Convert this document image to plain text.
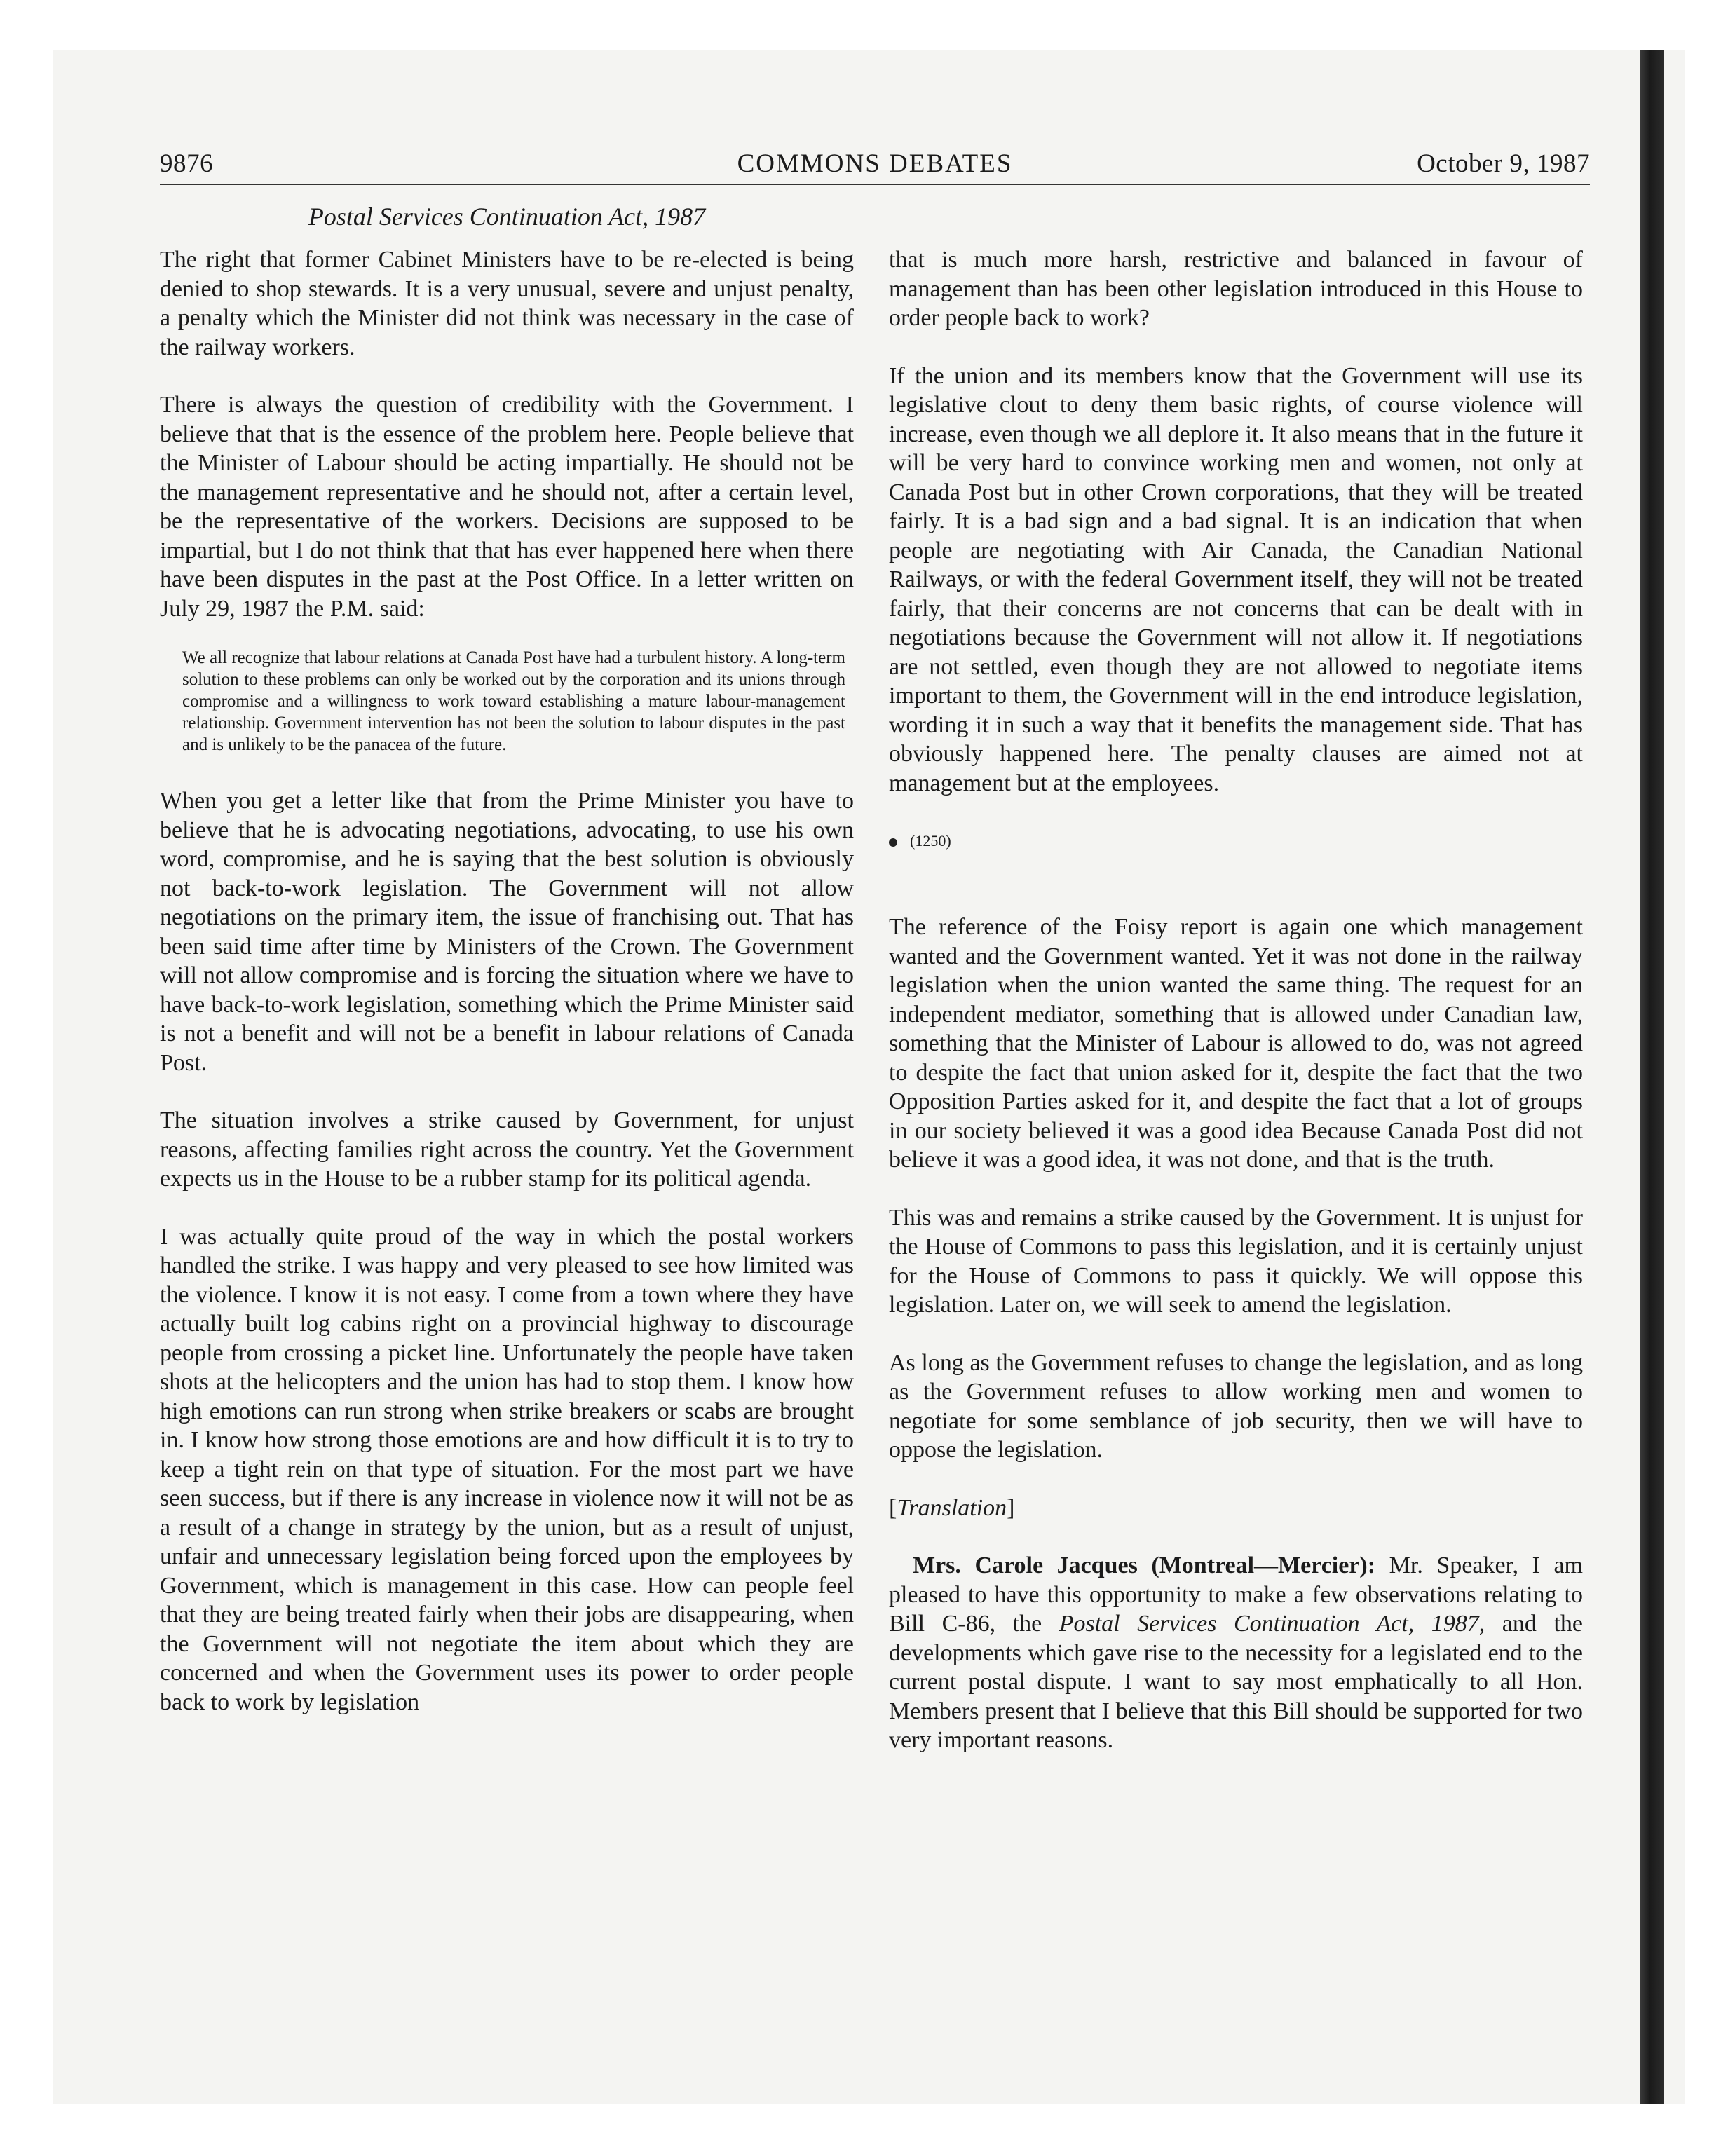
COMMONS DEBATES
9876	October 9, 1987
Postal Services Continuation Act, 1987

The right that former Cabinet Ministers have to be re-elected is being denied to shop stewards. It is a very unusual, severe and unjust penalty, a penalty which the Minister did not think was necessary in the case of the railway workers.

There is always the question of credibility with the Government. I believe that that is the essence of the problem here. People believe that the Minister of Labour should be acting impartially. He should not be the management representative and he should not, after a certain level, be the representative of the workers. Decisions are supposed to be impartial, but I do not think that that has ever happened here when there have been disputes in the past at the Post Office. In a letter written on July 29, 1987 the P.M. said:

We all recognize that labour relations at Canada Post have had a turbulent history. A long-term solution to these problems can only be worked out by the corporation and its unions through compromise and a willingness to work toward establishing a mature labour-management relationship. Government intervention has not been the solution to labour disputes in the past and is unlikely to be the panacea of the future.

When you get a letter like that from the Prime Minister you have to believe that he is advocating negotiations, advocating, to use his own word, compromise, and he is saying that the best solution is obviously not back-to-work legislation. The Government will not allow negotiations on the primary item, the issue of franchising out. That has been said time after time by Ministers of the Crown. The Government will not allow compromise and is forcing the situation where we have to have back-to-work legislation, something which the Prime Minister said is not a benefit and will not be a benefit in labour relations of Canada Post.

The situation involves a strike caused by Government, for unjust reasons, affecting families right across the country. Yet the Government expects us in the House to be a rubber stamp for its political agenda.

I was actually quite proud of the way in which the postal workers handled the strike. I was happy and very pleased to see how limited was the violence. I know it is not easy. I come from a town where they have actually built log cabins right on a provincial highway to discourage people from crossing a picket line. Unfortunately the people have taken shots at the helicopters and the union has had to stop them. I know how high emotions can run strong when strike breakers or scabs are brought in. I know how strong those emotions are and how difficult it is to try to keep a tight rein on that type of situation. For the most part we have seen success, but if there is any increase in violence now it will not be as a result of a change in strategy by the union, but as a result of unjust, unfair and unnecessary legislation being forced upon the employees by Government, which is management in this case. How can people feel that they are being treated fairly when their jobs are disappearing, when the Government will not negotiate the item about which they are concerned and when the Government uses its power to order people back to work by legislation

that is much more harsh, restrictive and balanced in favour of management than has been other legislation introduced in this House to order people back to work?

If the union and its members know that the Government will use its legislative clout to deny them basic rights, of course violence will increase, even though we all deplore it. It also means that in the future it will be very hard to convince working men and women, not only at Canada Post but in other Crown corporations, that they will be treated fairly. It is a bad sign and a bad signal. It is an indication that when people are negotiating with Air Canada, the Canadian National Railways, or with the federal Government itself, they will not be treated fairly, that their concerns are not concerns that can be dealt with in negotiations because the Government will not allow it. If negotiations are not settled, even though they are not allowed to negotiate items important to them, the Government will in the end introduce legislation, wording it in such a way that it benefits the management side. That has obviously happened here. The penalty clauses are aimed not at management but at the employees.

(1250)

The reference of the Foisy report is again one which management wanted and the Government wanted. Yet it was not done in the railway legislation when the union wanted the same thing. The request for an independent mediator, something that is allowed under Canadian law, something that the Minister of Labour is allowed to do, was not agreed to despite the fact that union asked for it, despite the fact that the two Opposition Parties asked for it, and despite the fact that a lot of groups in our society believed it was a good idea Because Canada Post did not believe it was a good idea, it was not done, and that is the truth.

This was and remains a strike caused by the Government. It is unjust for the House of Commons to pass this legislation, and it is certainly unjust for the House of Commons to pass it quickly. We will oppose this legislation. Later on, we will seek to amend the legislation.

As long as the Government refuses to change the legislation, and as long as the Government refuses to allow working men and women to negotiate for some semblance of job security, then we will have to oppose the legislation.

[Translation]

Mrs. Carole Jacques (Montreal—Mercier): Mr. Speaker, I am pleased to have this opportunity to make a few observations relating to Bill C-86, the Postal Services Continuation Act, 1987, and the developments which gave rise to the necessity for a legislated end to the current postal dispute. I want to say most emphatically to all Hon. Members present that I believe that this Bill should be supported for two very important reasons.
